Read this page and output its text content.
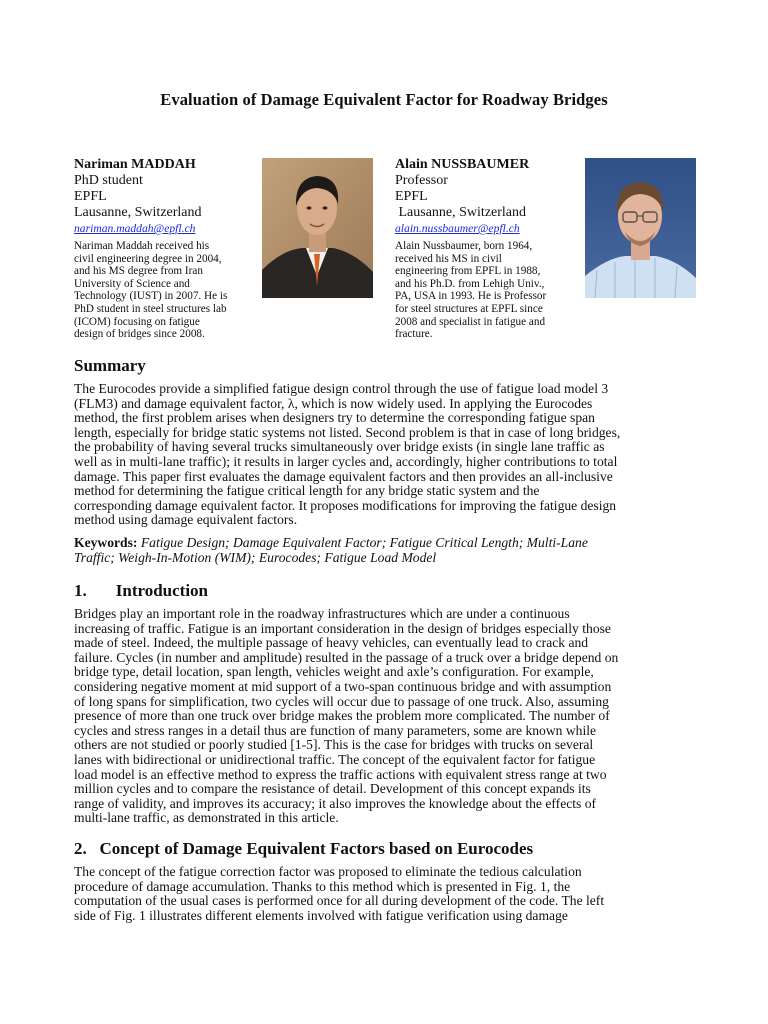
Evaluation of Damage Equivalent Factor for Roadway Bridges
Nariman MADDAH
PhD student
EPFL
Lausanne, Switzerland
nariman.maddah@epfl.ch
Nariman Maddah received his
civil engineering degree in 2004,
and his MS degree from Iran
University of Science and
Technology (IUST) in 2007. He is
PhD student in steel structures lab
(ICOM) focusing on fatigue
design of bridges since 2008.
Alain NUSSBAUMER
Professor
EPFL
Lausanne, Switzerland
alain.nussbaumer@epfl.ch
Alain Nussbaumer, born 1964,
received his MS in civil
engineering from EPFL in 1988,
and his Ph.D. from Lehigh Univ.,
PA, USA in 1993. He is Professor
for steel structures at EPFL since
2008 and specialist in fatigue and
fracture.
Summary
The Eurocodes provide a simplified fatigue design control through the use of fatigue load model 3
(FLM3) and damage equivalent factor, λ, which is now widely used. In applying the Eurocodes
method, the first problem arises when designers try to determine the corresponding fatigue span
length, especially for bridge static systems not listed. Second problem is that in case of long bridges,
the probability of having several trucks simultaneously over bridge exists (in single lane traffic as
well as in multi-lane traffic); it results in larger cycles and, accordingly, higher contributions to total
damage. This paper first evaluates the damage equivalent factors and then provides an all-inclusive
method for determining the fatigue critical length for any bridge static system and the
corresponding damage equivalent factor. It proposes modifications for improving the fatigue design
method using damage equivalent factors.
Keywords: Fatigue Design; Damage Equivalent Factor; Fatigue Critical Length; Multi-Lane
Traffic; Weigh-In-Motion (WIM); Eurocodes; Fatigue Load Model
1. Introduction
Bridges play an important role in the roadway infrastructures which are under a continuous
increasing of traffic. Fatigue is an important consideration in the design of bridges especially those
made of steel. Indeed, the multiple passage of heavy vehicles, can eventually lead to crack and
failure. Cycles (in number and amplitude) resulted in the passage of a truck over a bridge depend on
bridge type, detail location, span length, vehicles weight and axle’s configuration. For example,
considering negative moment at mid support of a two-span continuous bridge and with assumption
of long spans for simplification, two cycles will occur due to passage of one truck. Also, assuming
presence of more than one truck over bridge makes the problem more complicated. The number of
cycles and stress ranges in a detail thus are function of many parameters, some are known while
others are not studied or poorly studied [1-5]. This is the case for bridges with trucks on several
lanes with bidirectional or unidirectional traffic. The concept of the equivalent factor for fatigue
load model is an effective method to express the traffic actions with equivalent stress range at two
million cycles and to compare the resistance of detail. Development of this concept expands its
range of validity, and improves its accuracy; it also improves the knowledge about the effects of
multi-lane traffic, as demonstrated in this article.
2.   Concept of Damage Equivalent Factors based on Eurocodes
The concept of the fatigue correction factor was proposed to eliminate the tedious calculation
procedure of damage accumulation. Thanks to this method which is presented in Fig. 1, the
computation of the usual cases is performed once for all during development of the code. The left
side of Fig. 1 illustrates different elements involved with fatigue verification using damage
